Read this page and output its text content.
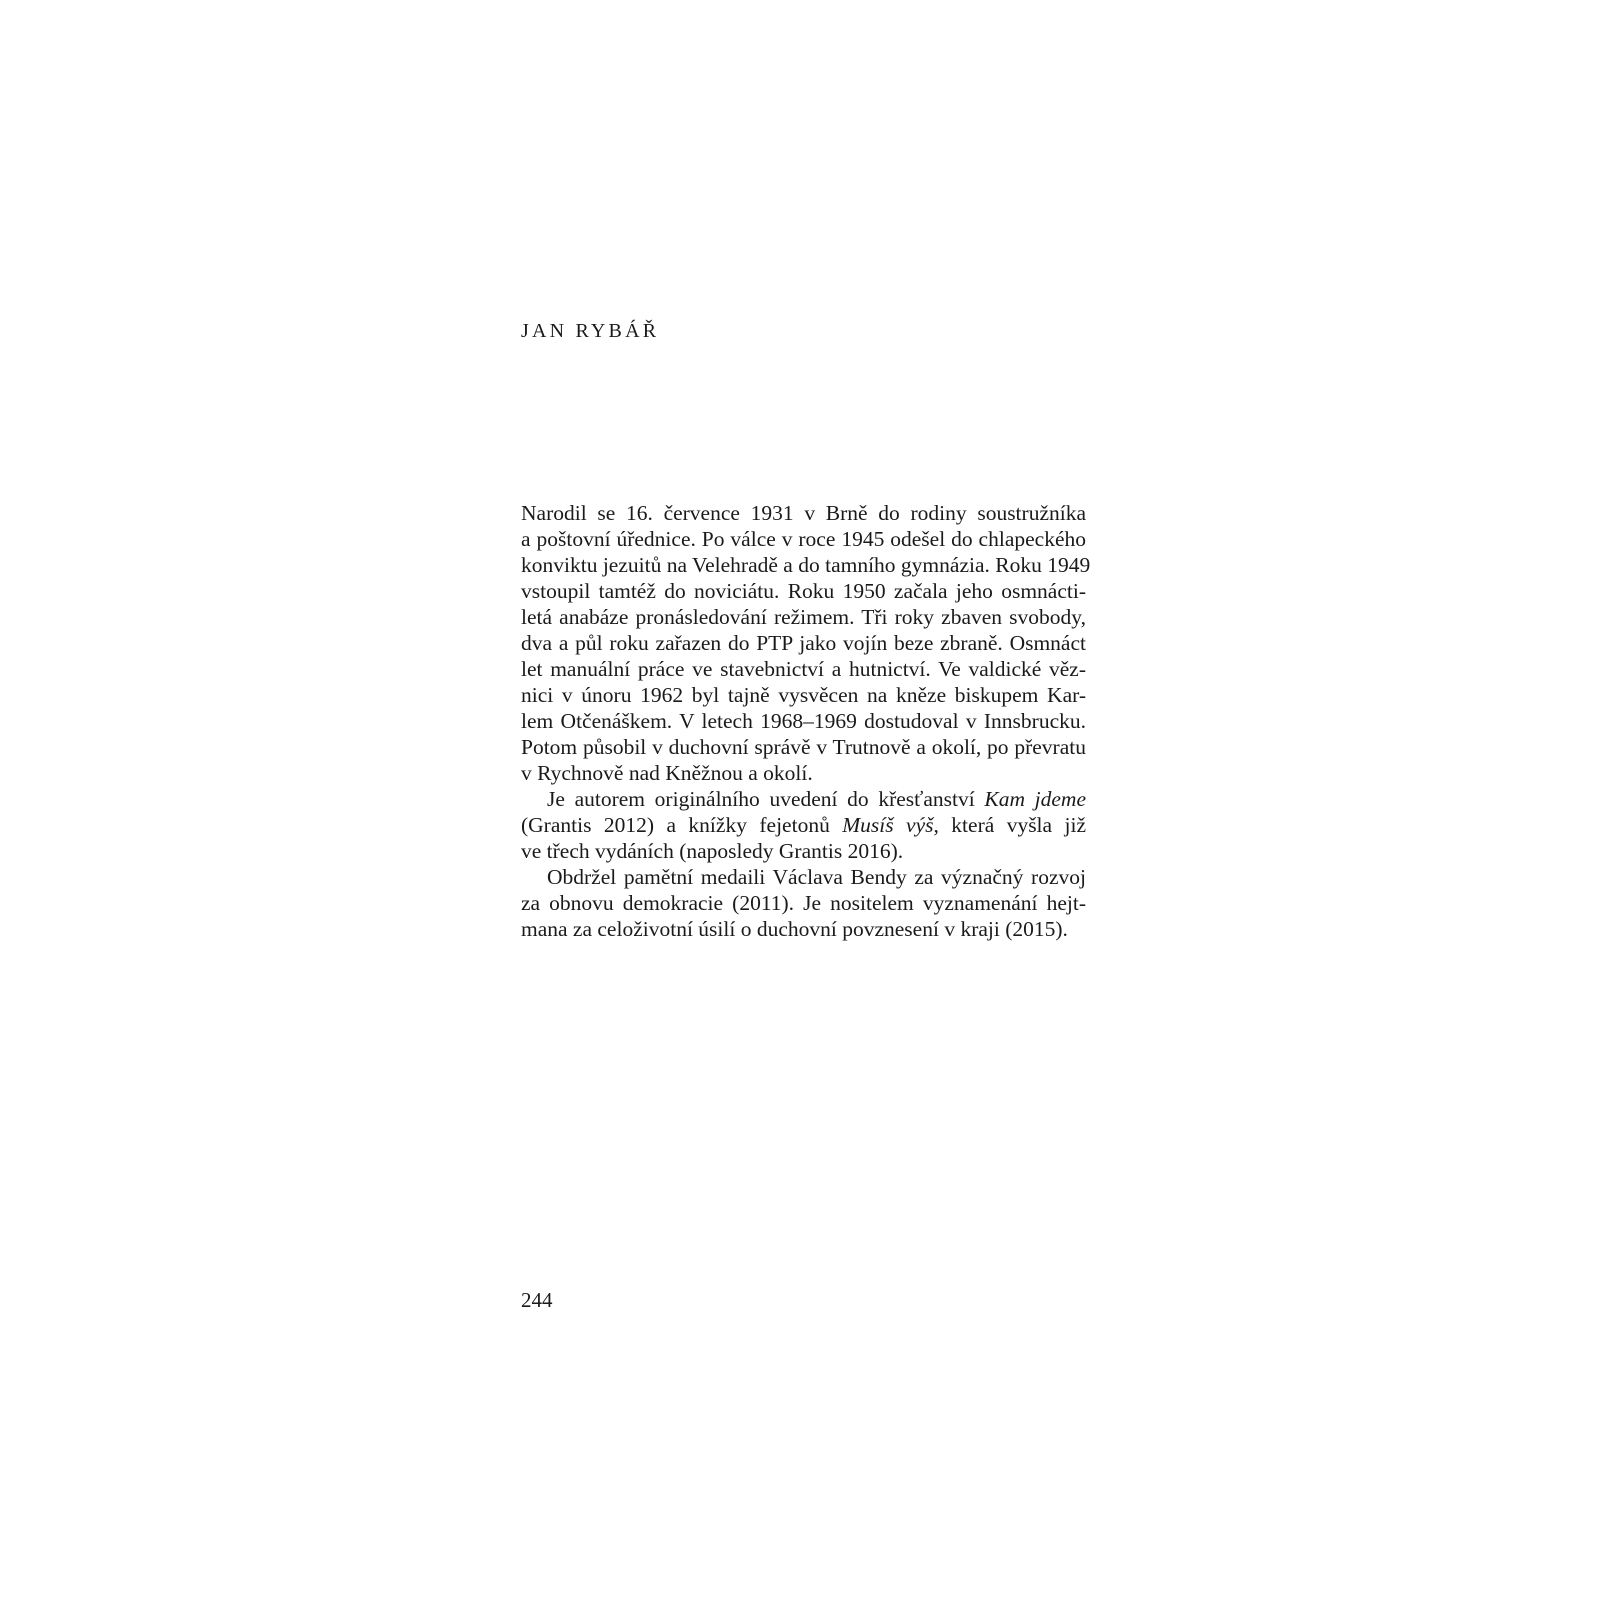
JAN RYBÁŘ
Narodil se 16. července 1931 v Brně do rodiny soustružníka
a poštovní úřednice. Po válce v roce 1945 odešel do chlapeckého
konviktu jezuitů na Velehradě a do tamního gymnázia. Roku 1949
vstoupil tamtéž do noviciátu. Roku 1950 začala jeho osmnácti-
letá anabáze pronásledování režimem. Tři roky zbaven svobody,
dva a půl roku zařazen do PTP jako vojín beze zbraně. Osmnáct
let manuální práce ve stavebnictví a hutnictví. Ve valdické věz-
nici v únoru 1962 byl tajně vysvěcen na kněze biskupem Kar-
lem Otčenáškem. V letech 1968–1969 dostudoval v Innsbrucku.
Potom působil v duchovní správě v Trutnově a okolí, po převratu
v Rychnově nad Kněžnou a okolí.
Je autorem originálního uvedení do křesťanství Kam jdeme
(Grantis 2012) a knížky fejetonů Musíš výš, která vyšla již
ve třech vydáních (naposledy Grantis 2016).
Obdržel pamětní medaili Václava Bendy za význačný rozvoj
za obnovu demokracie (2011). Je nositelem vyznamenání hejt-
mana za celoživotní úsilí o duchovní povznesení v kraji (2015).
244
